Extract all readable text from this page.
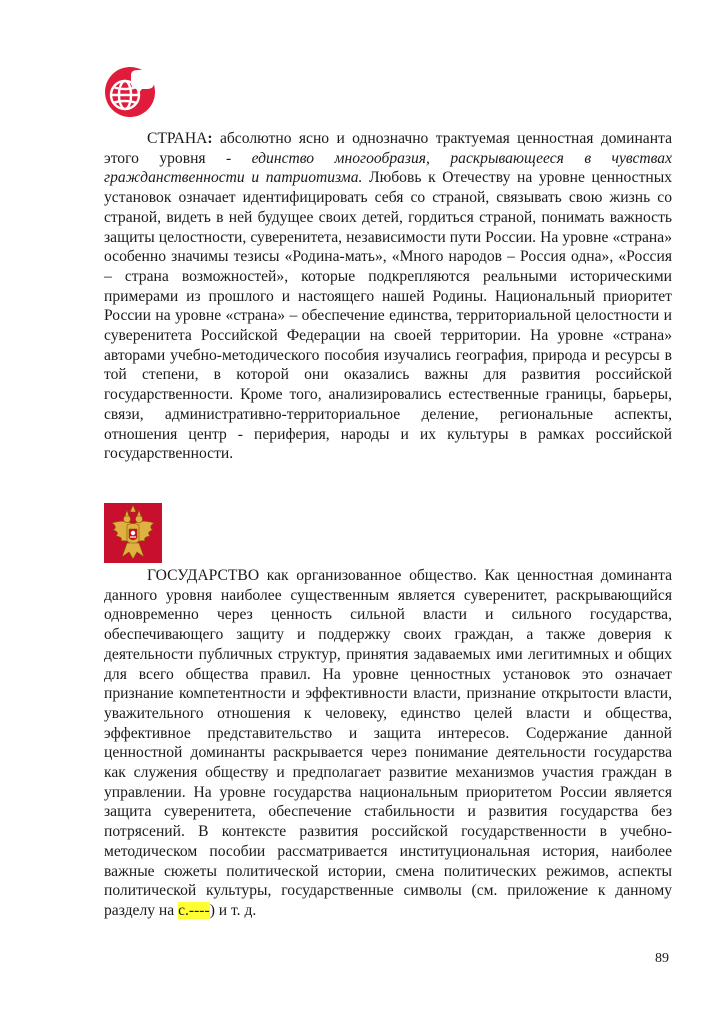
СТРАНА: абсолютно ясно и однозначно трактуемая ценностная доминанта этого уровня - единство многообразия, раскрывающееся в чувствах гражданственности и патриотизма. Любовь к Отечеству на уровне ценностных установок означает идентифицировать себя со страной, связывать свою жизнь со страной, видеть в ней будущее своих детей, гордиться страной, понимать важность защиты целостности, суверенитета, независимости пути России. На уровне «страна» особенно значимы тезисы «Родина-мать», «Много народов – Россия одна», «Россия – страна возможностей», которые подкрепляются реальными историческими примерами из прошлого и настоящего нашей Родины. Национальный приоритет России на уровне «страна» – обеспечение единства, территориальной целостности и суверенитета Российской Федерации на своей территории. На уровне «страна» авторами учебно-методического пособия изучались география, природа и ресурсы в той степени, в которой они оказались важны для развития российской государственности. Кроме того, анализировались естественные границы, барьеры, связи, административно-территориальное деление, региональные аспекты, отношения центр - периферия, народы и их культуры в рамках российской государственности.

ГОСУДАРСТВО как организованное общество. Как ценностная доминанта данного уровня наиболее существенным является суверенитет, раскрывающийся одновременно через ценность сильной власти и сильного государства, обеспечивающего защиту и поддержку своих граждан, а также доверия к деятельности публичных структур, принятия задаваемых ими легитимных и общих для всего общества правил. На уровне ценностных установок это означает признание компетентности и эффективности власти, признание открытости власти, уважительного отношения к человеку, единство целей власти и общества, эффективное представительство и защита интересов. Содержание данной ценностной доминанты раскрывается через понимание деятельности государства как служения обществу и предполагает развитие механизмов участия граждан в управлении. На уровне государства национальным приоритетом России является защита суверенитета, обеспечение стабильности и развития государства без потрясений. В контексте развития российской государственности в учебно-методическом пособии рассматривается институциональная история, наиболее важные сюжеты политической истории, смена политических режимов, аспекты политической культуры, государственные символы (см. приложение к данному разделу на с.----) и т. д.

89
